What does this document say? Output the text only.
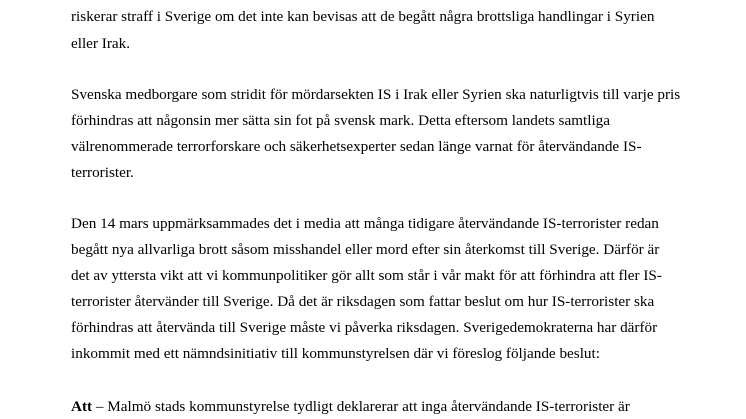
riskerar straff i Sverige om det inte kan bevisas att de begått några brottsliga handlingar i Syrien
eller Irak.
Svenska medborgare som stridit för mördarsekten IS i Irak eller Syrien ska naturligtvis till varje pris
förhindras att någonsin mer sätta sin fot på svensk mark. Detta eftersom landets samtliga
välrenommerade terrorforskare och säkerhetsexperter sedan länge varnat för återvändande IS-
terrorister.
Den 14 mars uppmärksammades det i media att många tidigare återvändande IS-terrorister redan
begått nya allvarliga brott såsom misshandel eller mord efter sin återkomst till Sverige. Därför är
det av yttersta vikt att vi kommunpolitiker gör allt som står i vår makt för att förhindra att fler IS-
terrorister återvänder till Sverige. Då det är riksdagen som fattar beslut om hur IS-terrorister ska
förhindras att återvända till Sverige måste vi påverka riksdagen. Sverigedemokraterna har därför
inkommit med ett nämndsinitiativ till kommunstyrelsen där vi föreslog följande beslut:
Att – Malmö stads kommunstyrelse tydligt deklarerar att inga återvändande IS-terrorister är
